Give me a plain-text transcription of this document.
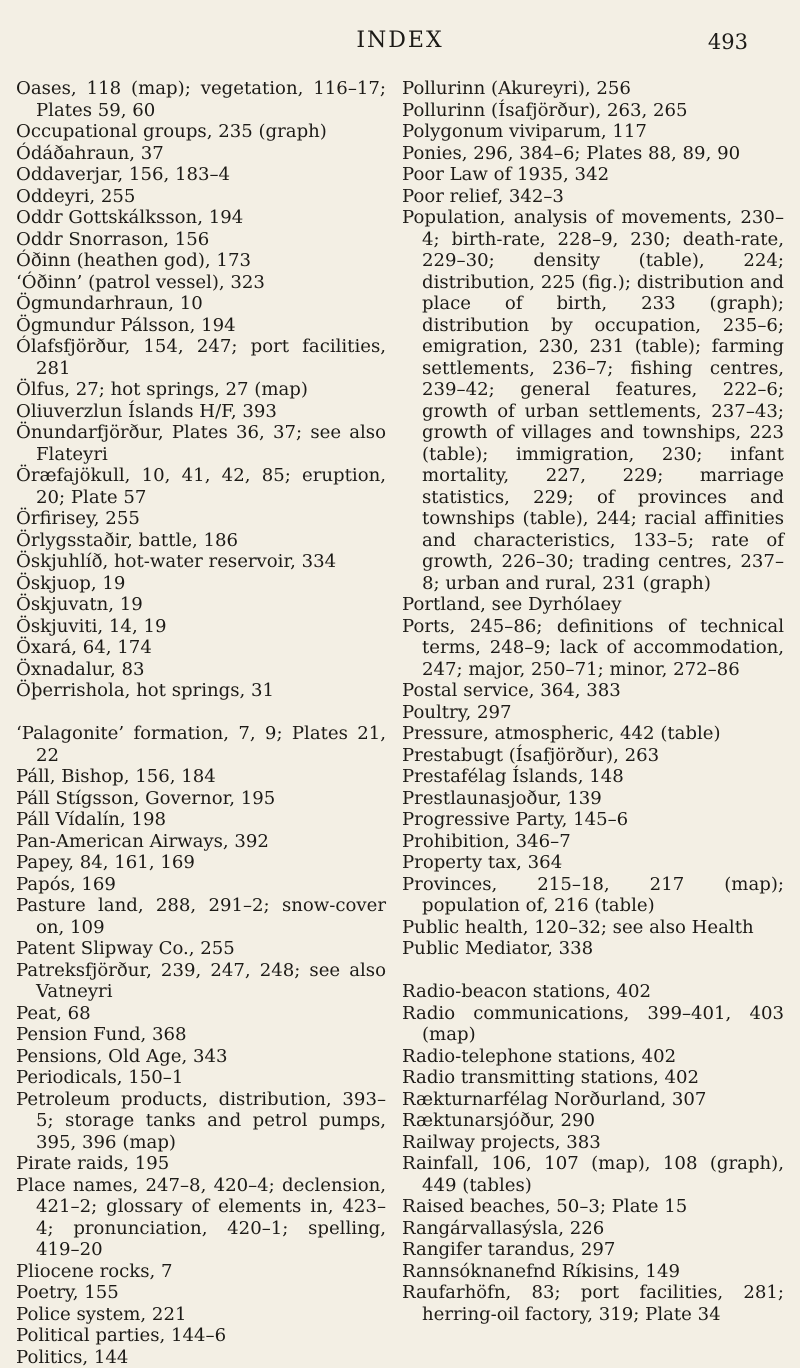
INDEX	493
Oases, 118 (map); vegetation, 116–17; Plates 59, 60
Occupational groups, 235 (graph)
Ódáðahraun, 37
Oddaverjar, 156, 183–4
Oddeyri, 255
Oddr Gottskálksson, 194
Oddr Snorrason, 156
Óðinn (heathen god), 173
‘Óðinn’ (patrol vessel), 323
Ögmundarhraun, 10
Ögmundur Pálsson, 194
Ólafsfjörður, 154, 247; port facilities, 281
Ölfus, 27; hot springs, 27 (map)
Oliuverzlun Íslands H/F, 393
Önundarfjörður, Plates 36, 37; see also Flateyri
Öræfajökull, 10, 41, 42, 85; eruption, 20; Plate 57
Örfirisey, 255
Örlygsstaðir, battle, 186
Öskjuhlíð, hot-water reservoir, 334
Öskjuop, 19
Öskjuvatn, 19
Öskjuviti, 14, 19
Öxará, 64, 174
Öxnadalur, 83
Öþerrishola, hot springs, 31
‘Palagonite’ formation, 7, 9; Plates 21, 22
Páll, Bishop, 156, 184
Páll Stígsson, Governor, 195
Páll Vídalín, 198
Pan-American Airways, 392
Papey, 84, 161, 169
Papós, 169
Pasture land, 288, 291–2; snow-cover on, 109
Patent Slipway Co., 255
Patreksfjörður, 239, 247, 248; see also Vatneyri
Peat, 68
Pension Fund, 368
Pensions, Old Age, 343
Periodicals, 150–1
Petroleum products, distribution, 393–5; storage tanks and petrol pumps, 395, 396 (map)
Pirate raids, 195
Place names, 247–8, 420–4; declension, 421–2; glossary of elements in, 423–4; pronunciation, 420–1; spelling, 419–20
Pliocene rocks, 7
Poetry, 155
Police system, 221
Political parties, 144–6
Politics, 144
Pollurinn (Akureyri), 256
Pollurinn (Ísafjörður), 263, 265
Polygonum viviparum, 117
Ponies, 296, 384–6; Plates 88, 89, 90
Poor Law of 1935, 342
Poor relief, 342–3
Population, analysis of movements, 230–4; birth-rate, 228–9, 230; death-rate, 229–30; density (table), 224; distribution, 225 (fig.); distribution and place of birth, 233 (graph); distribution by occupation, 235–6; emigration, 230, 231 (table); farming settlements, 236–7; fishing centres, 239–42; general features, 222–6; growth of urban settlements, 237–43; growth of villages and townships, 223 (table); immigration, 230; infant mortality, 227, 229; marriage statistics, 229; of provinces and townships (table), 244; racial affinities and characteristics, 133–5; rate of growth, 226–30; trading centres, 237–8; urban and rural, 231 (graph)
Portland, see Dyrhólaey
Ports, 245–86; definitions of technical terms, 248–9; lack of accommodation, 247; major, 250–71; minor, 272–86
Postal service, 364, 383
Poultry, 297
Pressure, atmospheric, 442 (table)
Prestabugt (Ísafjörður), 263
Prestafélag Íslands, 148
Prestlaunasjoður, 139
Progressive Party, 145–6
Prohibition, 346–7
Property tax, 364
Provinces, 215–18, 217 (map); population of, 216 (table)
Public health, 120–32; see also Health
Public Mediator, 338
Radio-beacon stations, 402
Radio communications, 399–401, 403 (map)
Radio-telephone stations, 402
Radio transmitting stations, 402
Rækturnarfélag Norðurland, 307
Ræktunarsjóður, 290
Railway projects, 383
Rainfall, 106, 107 (map), 108 (graph), 449 (tables)
Raised beaches, 50–3; Plate 15
Rangárvallasýsla, 226
Rangifer tarandus, 297
Rannsóknanefnd Ríkisins, 149
Raufarhöfn, 83; port facilities, 281; herring-oil factory, 319; Plate 34
